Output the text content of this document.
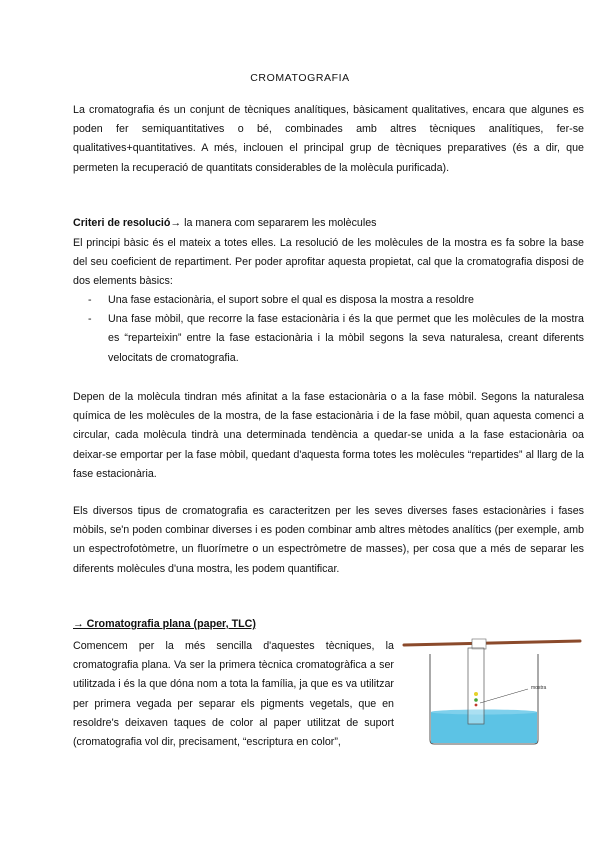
CROMATOGRAFIA

La cromatografia és un conjunt de tècniques analítiques, bàsicament qualitatives, encara que algunes es poden fer semiquantitatives o bé, combinades amb altres tècniques analítiques, fer-se qualitatives+quantitatives. A més, inclouen el principal grup de tècniques preparatives (és a dir, que permeten la recuperació de quantitats considerables de la molècula purificada).

Criteri de resolució→ la manera com separarem les molècules

El principi bàsic és el mateix a totes elles. La resolució de les molècules de la mostra es fa sobre la base del seu coeficient de repartiment. Per poder aprofitar aquesta propietat, cal que la cromatografia disposi de dos elements bàsics:

- Una fase estacionària, el suport sobre el qual es disposa la mostra a resoldre
- Una fase mòbil, que recorre la fase estacionària i és la que permet que les molècules de la mostra es “reparteixin” entre la fase estacionària i la mòbil segons la seva naturalesa, creant diferents velocitats de cromatografia.

Depen de la molècula tindran més afinitat a la fase estacionària o a la fase mòbil. Segons la naturalesa química de les molècules de la mostra, de la fase estacionària i de la fase mòbil, quan aquesta comenci a circular, cada molècula tindrà una determinada tendència a quedar-se unida a la fase estacionària oa deixar-se emportar per la fase mòbil, quedant d'aquesta forma totes les molècules “repartides” al llarg de la fase estacionària.

Els diversos tipus de cromatografia es caracteritzen per les seves diverses fases estacionàries i fases mòbils, se'n poden combinar diverses i es poden combinar amb altres mètodes analítics (per exemple, amb un espectrofotòmetre, un fluorímetre o un espectròmetre de masses), per cosa que a més de separar les diferents molècules d'una mostra, les podem quantificar.

→ Cromatografia plana (paper, TLC)

Comencem per la més sencilla d'aquestes tècniques, la cromatografia plana. Va ser la primera tècnica cromatogràfica a ser utilitzada i és la que dóna nom a tota la família, ja que es va utilitzar per primera vegada per separar els pigments vegetals, que en resoldre's deixaven taques de color al paper utilitzat de suport (cromatografia vol dir, precisament, “escriptura en color”,

mostra
